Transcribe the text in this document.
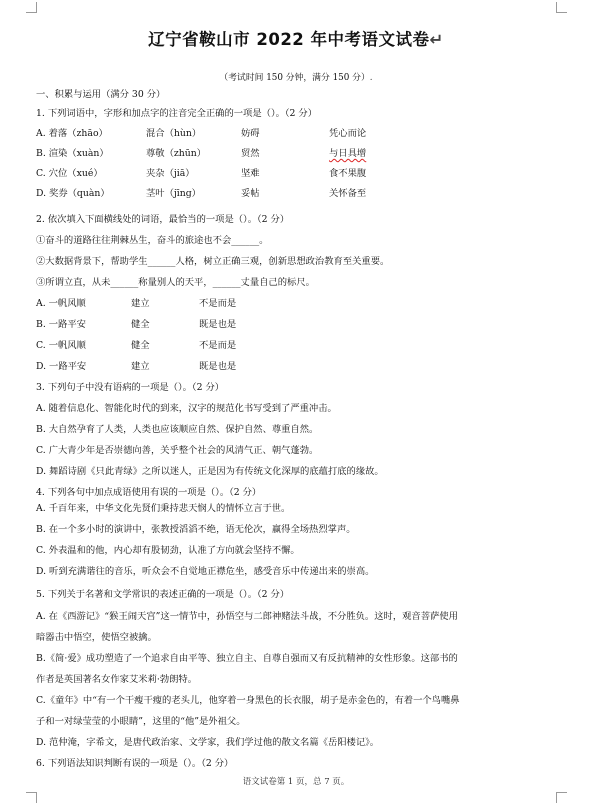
辽宁省鞍山市 2022 年中考语文试卷↵
（考试时间 150 分钟，满分 150 分）.
一、积累与运用（满分 30 分）
1. 下列词语中，字形和加点字的注音完全正确的一项是（）。（2 分）
A. 着落（zhāo）	混合（hùn）	妨碍	凭心而论
B. 渲染（xuàn）	尊敬（zhūn）	贸然	与日具增
C. 穴位（xué）	夹杂（jiā）	坚难	食不果腹
D. 奖券（quàn）	茎叶（jīng）	妥帖	关怀备至
2. 依次填入下面横线处的词语，最恰当的一项是（）。（2 分）
①奋斗的道路往往荆棘丛生，奋斗的旅途也不会______。
②大数据背景下，帮助学生______人格，树立正确三观，创新思想政治教育至关重要。
③所谓立直，从未______称量别人的天平，______丈量自己的标尺。
A. 一帆风顺	建立	不是而是
B. 一路平安	健全	既是也是
C. 一帆风顺	健全	不是而是
D. 一路平安	建立	既是也是
3. 下列句子中没有语病的一项是（）。（2 分）
A. 随着信息化、智能化时代的到来，汉字的规范化书写受到了严重冲击。
B. 大自然孕育了人类，人类也应该顺应自然、保护自然、尊重自然。
C. 广大青少年是否崇德向善，关乎整个社会的风清气正、朝气蓬勃。
D. 舞蹈诗剧《只此青绿》之所以迷人，正是因为有传统文化深厚的底蕴打底的缘故。
4. 下列各句中加点成语使用有误的一项是（）。（2 分）
A. 千百年来，中华文化先贤们秉持悲天悯人的情怀立言于世。
B. 在一个多小时的演讲中，张教授滔滔不绝，语无伦次，赢得全场热烈掌声。
C. 外表温和的他，内心却有股韧劲，认准了方向就会坚持不懈。
D. 听到充满谐往的音乐，听众会不自觉地正襟危坐，感受音乐中传递出来的崇高。
5. 下列关于名著和文学常识的表述正确的一项是（）。（2 分）
A. 在《西游记》“猴王闹天宫”这一情节中，孙悟空与二郎神赌法斗战，不分胜负。这时，观音菩萨使用
暗器击中悟空，使悟空被擒。
B.《简·爱》成功塑造了一个追求自由平等、独立自主、自尊自强而又有反抗精神的女性形象。这部书的
作者是英国著名女作家艾米莉·勃朗特。
C.《童年》中“有一个干瘦干瘦的老头儿，他穿着一身黑色的长衣服，胡子是赤金色的，有着一个鸟嘴鼻
子和一对绿莹莹的小眼睛”，这里的“他”是外祖父。
D. 范仲淹，字希文，是唐代政治家、文学家，我们学过他的散文名篇《岳阳楼记》。
6. 下列语法知识判断有误的一项是（）。（2 分）
语文试卷第 1 页，总 7 页。
